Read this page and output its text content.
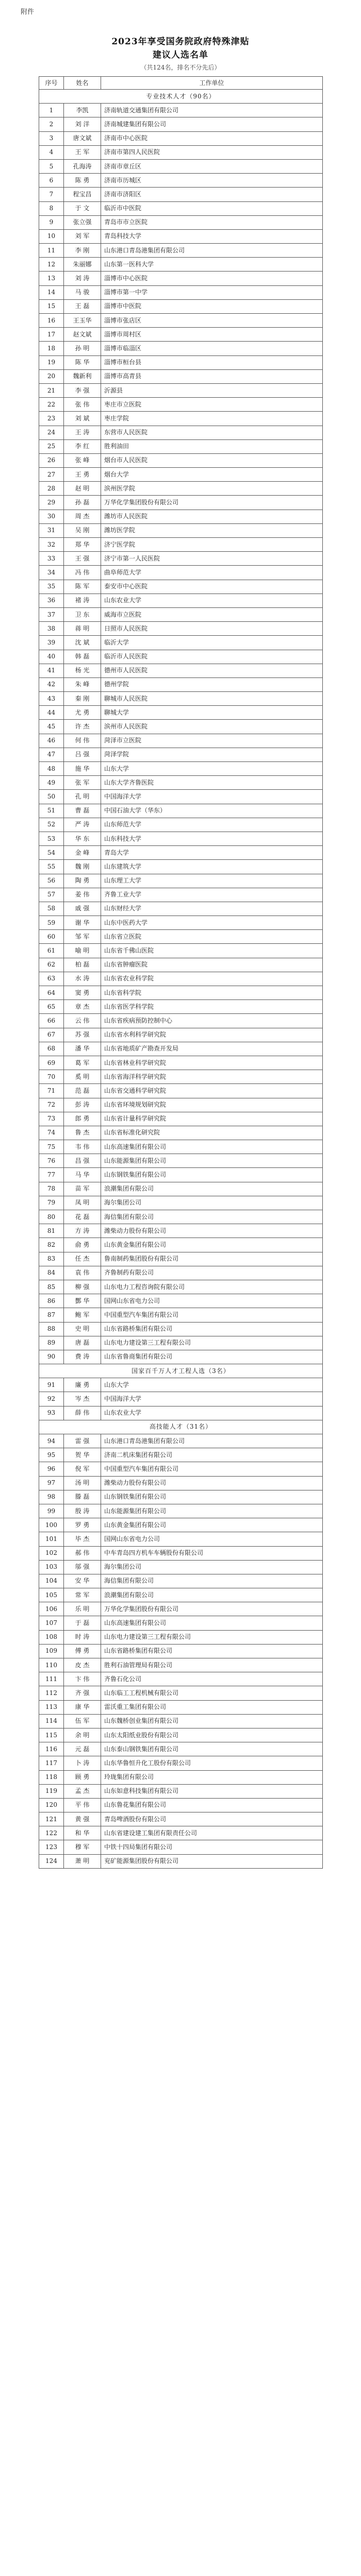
附件
2023年享受国务院政府特殊津贴
建议人选名单
（共124名，排名不分先后）
序号	姓名	工作单位
专业技术人才（90名）		
1	李凯	济南轨道交通集团有限公司
2	刘 洋	济南城建集团有限公司
3	唐文斌	济南市中心医院
4	王 军	济南市第四人民医院
5	孔海涛	济南市章丘区
6	陈 勇	济南市历城区
7	程宝昌	济南市济阳区
8	于 文	临沂市中医院
9	张立强	青岛市市立医院
10	刘 军	青岛科技大学
11	李 刚	山东港口青岛港集团有限公司
12	朱丽娜	山东第一医科大学
13	刘 涛	淄博市中心医院
14	马 骏	淄博市第一中学
15	王 磊	淄博市中医院
16	王玉华	淄博市张店区
17	赵文斌	淄博市周村区
18	孙 明	淄博市临淄区
19	陈 华	淄博市桓台县
20	魏新利	淄博市高青县
21	李 强	沂源县
22	张 伟	枣庄市立医院
23	刘 斌	枣庄学院
24	王 涛	东营市人民医院
25	李 红	胜利油田
26	张 峰	烟台市人民医院
27	王 勇	烟台大学
28	赵 明	滨州医学院
29	孙 磊	万华化学集团股份有限公司
30	周 杰	潍坊市人民医院
31	吴 刚	潍坊医学院
32	郑 华	济宁医学院
33	王 强	济宁市第一人民医院
34	冯 伟	曲阜师范大学
35	陈 军	泰安市中心医院
36	褚 涛	山东农业大学
37	卫 东	威海市立医院
38	蒋 明	日照市人民医院
39	沈 斌	临沂大学
40	韩 磊	临沂市人民医院
41	杨 光	德州市人民医院
42	朱 峰	德州学院
43	秦 刚	聊城市人民医院
44	尤 勇	聊城大学
45	许 杰	滨州市人民医院
46	何 伟	菏泽市立医院
47	吕 强	菏泽学院
48	施 华	山东大学
49	张 军	山东大学齐鲁医院
50	孔 明	中国海洋大学
51	曹 磊	中国石油大学（华东）
52	严 涛	山东师范大学
53	华 东	山东科技大学
54	金 峰	青岛大学
55	魏 刚	山东建筑大学
56	陶 勇	山东理工大学
57	姜 伟	齐鲁工业大学
58	戚 强	山东财经大学
59	谢 华	山东中医药大学
60	邹 军	山东省立医院
61	喻 明	山东省千佛山医院
62	柏 磊	山东省肿瘤医院
63	水 涛	山东省农业科学院
64	窦 勇	山东省科学院
65	章 杰	山东省医学科学院
66	云 伟	山东省疾病预防控制中心
67	苏 强	山东省水利科学研究院
68	潘 华	山东省地质矿产勘查开发局
69	葛 军	山东省林业科学研究院
70	奚 明	山东省海洋科学研究院
71	范 磊	山东省交通科学研究院
72	彭 涛	山东省环境规划研究院
73	郎 勇	山东省计量科学研究院
74	鲁 杰	山东省标准化研究院
75	韦 伟	山东高速集团有限公司
76	昌 强	山东能源集团有限公司
77	马 华	山东钢铁集团有限公司
78	苗 军	浪潮集团有限公司
79	凤 明	海尔集团公司
80	花 磊	海信集团有限公司
81	方 涛	潍柴动力股份有限公司
82	俞 勇	山东黄金集团有限公司
83	任 杰	鲁南制药集团股份有限公司
84	袁 伟	齐鲁制药有限公司
85	柳 强	山东电力工程咨询院有限公司
86	酆 华	国网山东省电力公司
87	鲍 军	中国重型汽车集团有限公司
88	史 明	山东省路桥集团有限公司
89	唐 磊	山东电力建设第三工程有限公司
90	费 涛	山东省鲁商集团有限公司
国家百千万人才工程人选（3名）		
91	廉 勇	山东大学
92	岑 杰	中国海洋大学
93	薛 伟	山东农业大学
高技能人才（31名）		
94	雷 强	山东港口青岛港集团有限公司
95	贺 华	济南二机床集团有限公司
96	倪 军	中国重型汽车集团有限公司
97	汤 明	潍柴动力股份有限公司
98	滕 磊	山东钢铁集团有限公司
99	殷 涛	山东能源集团有限公司
100	罗 勇	山东黄金集团有限公司
101	毕 杰	国网山东省电力公司
102	郝 伟	中车青岛四方机车车辆股份有限公司
103	邬 强	海尔集团公司
104	安 华	海信集团有限公司
105	常 军	浪潮集团有限公司
106	乐 明	万华化学集团股份有限公司
107	于 磊	山东高速集团有限公司
108	时 涛	山东电力建设第三工程有限公司
109	傅 勇	山东省路桥集团有限公司
110	皮 杰	胜利石油管理局有限公司
111	卞 伟	齐鲁石化公司
112	齐 强	山东临工工程机械有限公司
113	康 华	雷沃重工集团有限公司
114	伍 军	山东魏桥创业集团有限公司
115	余 明	山东太阳纸业股份有限公司
116	元 磊	山东泰山钢铁集团有限公司
117	卜 涛	山东华鲁恒升化工股份有限公司
118	顾 勇	玲珑集团有限公司
119	孟 杰	山东如意科技集团有限公司
120	平 伟	山东鲁花集团有限公司
121	黄 强	青岛啤酒股份有限公司
122	和 华	山东省建设建工集团有限责任公司
123	穆 军	中铁十四局集团有限公司
124	萧 明	兖矿能源集团股份有限公司
